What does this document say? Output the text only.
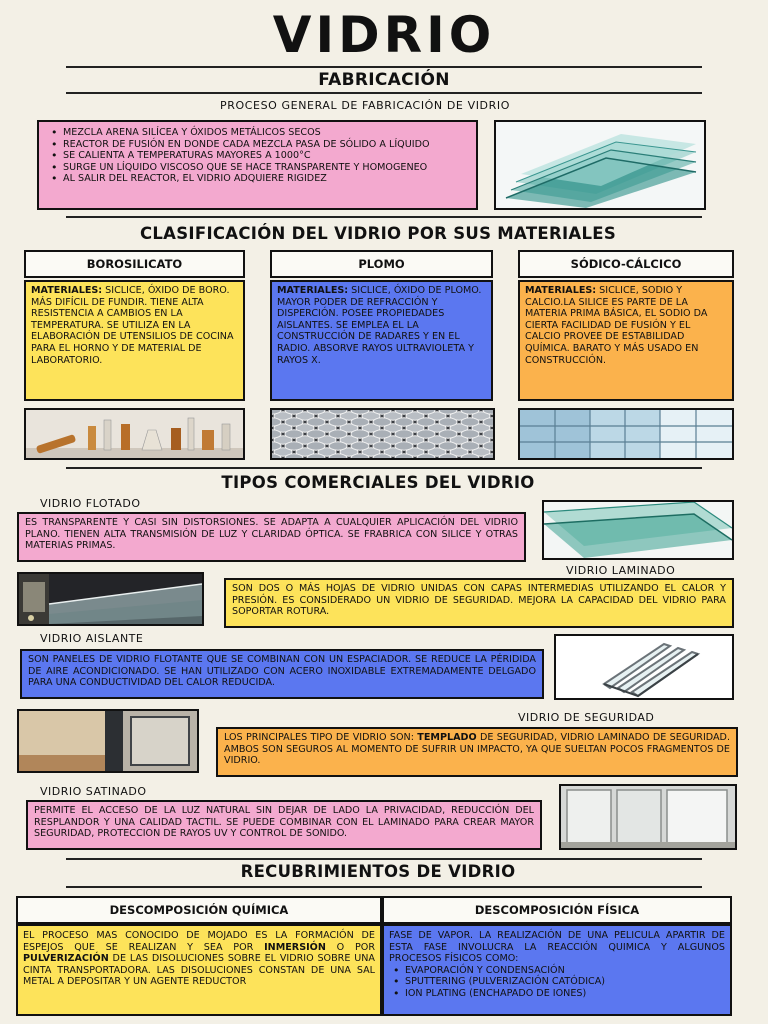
VIDRIO
FABRICACIÓN
PROCESO GENERAL DE FABRICACIÓN DE VIDRIO
• MEZCLA ARENA SILÍCEA Y ÓXIDOS METÁLICOS SECOS
• REACTOR DE FUSIÓN EN DONDE CADA MEZCLA PASA DE SÓLIDO A LÍQUIDO
• SE CALIENTA A TEMPERATURAS MAYORES A 1000°C
• SURGE UN LÍQUIDO VISCOSO QUE SE HACE TRANSPARENTE Y HOMOGENEO
• AL SALIR DEL REACTOR, EL VIDRIO ADQUIERE RIGIDEZ
CLASIFICACIÓN DEL VIDRIO POR SUS MATERIALES
BOROSILICATO	PLOMO	SÓDICO-CÁLCICO
MATERIALES: SICLICE, ÓXIDO DE BORO. MÁS DIFÍCIL DE FUNDIR. TIENE ALTA RESISTENCIA A CAMBIOS EN LA TEMPERATURA. SE UTILIZA EN LA ELABORACIÓN DE UTENSILIOS DE COCINA PARA EL HORNO Y DE MATERIAL DE LABORATORIO.
MATERIALES: SICLICE, ÓXIDO DE PLOMO. MAYOR PODER DE REFRACCIÓN Y DISPERCIÓN. POSEE PROPIEDADES AISLANTES. SE EMPLEA EL LA CONSTRUCCIÓN DE RADARES Y EN EL RADIO. ABSORVE RAYOS ULTRAVIOLETA Y RAYOS X.
MATERIALES: SICLICE, SODIO Y CALCIO.LA SILICE ES PARTE DE LA MATERIA PRIMA BÁSICA, EL SODIO DA CIERTA FACILIDAD DE FUSIÓN Y EL CALCIO PROVEE DE ESTABILIDAD QUÍMICA. BARATO Y MÁS USADO EN CONSTRUCCIÓN.
TIPOS COMERCIALES DEL VIDRIO
VIDRIO FLOTADO
ES TRANSPARENTE Y CASI SIN DISTORSIONES. SE ADAPTA A CUALQUIER APLICACIÓN DEL VIDRIO PLANO. TIENEN ALTA TRANSMISIÓN DE LUZ Y CLARIDAD ÓPTICA. SE FRABRICA CON SILICE Y OTRAS MATERIAS PRIMAS.
VIDRIO LAMINADO
SON DOS O MÁS HOJAS DE VIDRIO UNIDAS CON CAPAS INTERMEDIAS UTILIZANDO EL CALOR Y PRESIÓN. ES CONSIDERADO UN VIDRIO DE SEGURIDAD. MEJORA LA CAPACIDAD DEL VIDRIO PARA SOPORTAR ROTURA.
VIDRIO AISLANTE
SON PANELES DE VIDRIO FLOTANTE QUE SE COMBINAN CON UN ESPACIADOR. SE REDUCE LA PÉRIDIDA DE AIRE ACONDICIONADO. SE HAN UTILIZADO CON ACERO INOXIDABLE EXTREMADAMENTE DELGADO PARA UNA CONDUCTIVIDAD DEL CALOR REDUCIDA.
VIDRIO DE SEGURIDAD
LOS PRINCIPALES TIPO DE VIDRIO SON: TEMPLADO DE SEGURIDAD, VIDRIO LAMINADO DE SEGURIDAD. AMBOS SON SEGUROS AL MOMENTO DE SUFRIR UN IMPACTO, YA QUE SUELTAN POCOS FRAGMENTOS DE VIDRIO.
VIDRIO SATINADO
PERMITE EL ACCESO DE LA LUZ NATURAL SIN DEJAR DE LADO LA PRIVACIDAD, REDUCCIÓN DEL RESPLANDOR Y UNA CALIDAD TACTIL. SE PUEDE COMBINAR CON EL LAMINADO PARA CREAR MAYOR SEGURIDAD, PROTECCION DE RAYOS UV Y CONTROL DE SONIDO.
RECUBRIMIENTOS DE VIDRIO
DESCOMPOSICIÓN QUÍMICA	DESCOMPOSICIÓN FÍSICA
EL PROCESO MAS CONOCIDO DE MOJADO ES LA FORMACIÓN DE ESPEJOS QUE SE REALIZAN Y SEA POR INMERSIÓN O POR PULVERIZACIÓN DE LAS DISOLUCIONES SOBRE EL VIDRIO SOBRE UNA CINTA TRANSPORTADORA. LAS DISOLUCIONES CONSTAN DE UNA SAL METAL A DEPOSITAR Y UN AGENTE REDUCTOR
FASE DE VAPOR. LA REALIZACIÓN DE UNA PELICULA APARTIR DE ESTA FASE INVOLUCRA LA REACCIÓN QUIMICA Y ALGUNOS PROCESOS FÍSICOS COMO:
• EVAPORACIÓN Y CONDENSACIÓN
• SPUTTERING (PULVERIZACIÓN CATÓDICA)
• ION PLATING (ENCHAPADO DE IONES)
